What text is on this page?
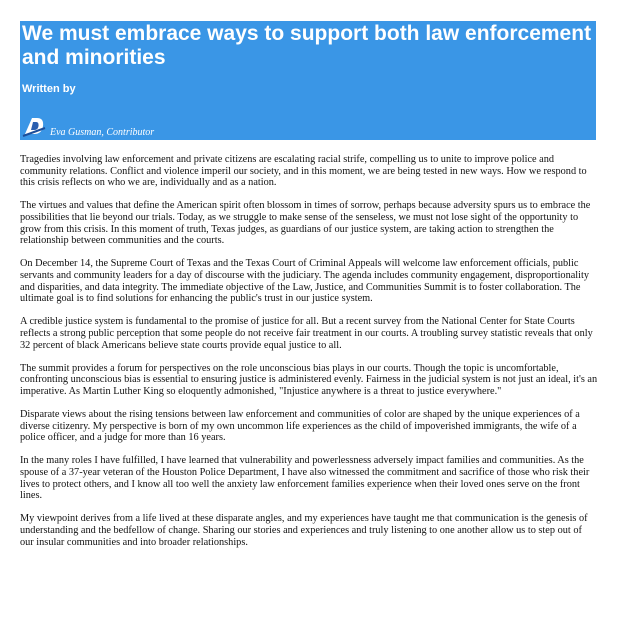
We must embrace ways to support both law enforcement and minorities
Written by
Eva Gusman, Contributor

Tragedies involving law enforcement and private citizens are escalating racial strife, compelling us to unite to improve police and community relations. Conflict and violence imperil our society, and in this moment, we are being tested in new ways. How we respond to this crisis reflects on who we are, individually and as a nation.

The virtues and values that define the American spirit often blossom in times of sorrow, perhaps because adversity spurs us to embrace the possibilities that lie beyond our trials. Today, as we struggle to make sense of the senseless, we must not lose sight of the opportunity to grow from this crisis. In this moment of truth, Texas judges, as guardians of our justice system, are taking action to strengthen the relationship between communities and the courts.

On December 14, the Supreme Court of Texas and the Texas Court of Criminal Appeals will welcome law enforcement officials, public servants and community leaders for a day of discourse with the judiciary. The agenda includes community engagement, disproportionality and disparities, and data integrity. The immediate objective of the Law, Justice, and Communities Summit is to foster collaboration. The ultimate goal is to find solutions for enhancing the public's trust in our justice system.

A credible justice system is fundamental to the promise of justice for all. But a recent survey from the National Center for State Courts reflects a strong public perception that some people do not receive fair treatment in our courts. A troubling survey statistic reveals that only 32 percent of black Americans believe state courts provide equal justice to all.

The summit provides a forum for perspectives on the role unconscious bias plays in our courts. Though the topic is uncomfortable, confronting unconscious bias is essential to ensuring justice is administered evenly. Fairness in the judicial system is not just an ideal, it's an imperative. As Martin Luther King so eloquently admonished, "Injustice anywhere is a threat to justice everywhere."

Disparate views about the rising tensions between law enforcement and communities of color are shaped by the unique experiences of a diverse citizenry. My perspective is born of my own uncommon life experiences as the child of impoverished immigrants, the wife of a police officer, and a judge for more than 16 years.

In the many roles I have fulfilled, I have learned that vulnerability and powerlessness adversely impact families and communities. As the spouse of a 37-year veteran of the Houston Police Department, I have also witnessed the commitment and sacrifice of those who risk their lives to protect others, and I know all too well the anxiety law enforcement families experience when their loved ones serve on the front lines.

My viewpoint derives from a life lived at these disparate angles, and my experiences have taught me that communication is the genesis of understanding and the bedfellow of change. Sharing our stories and experiences and truly listening to one another allow us to step out of our insular communities and into broader relationships.
